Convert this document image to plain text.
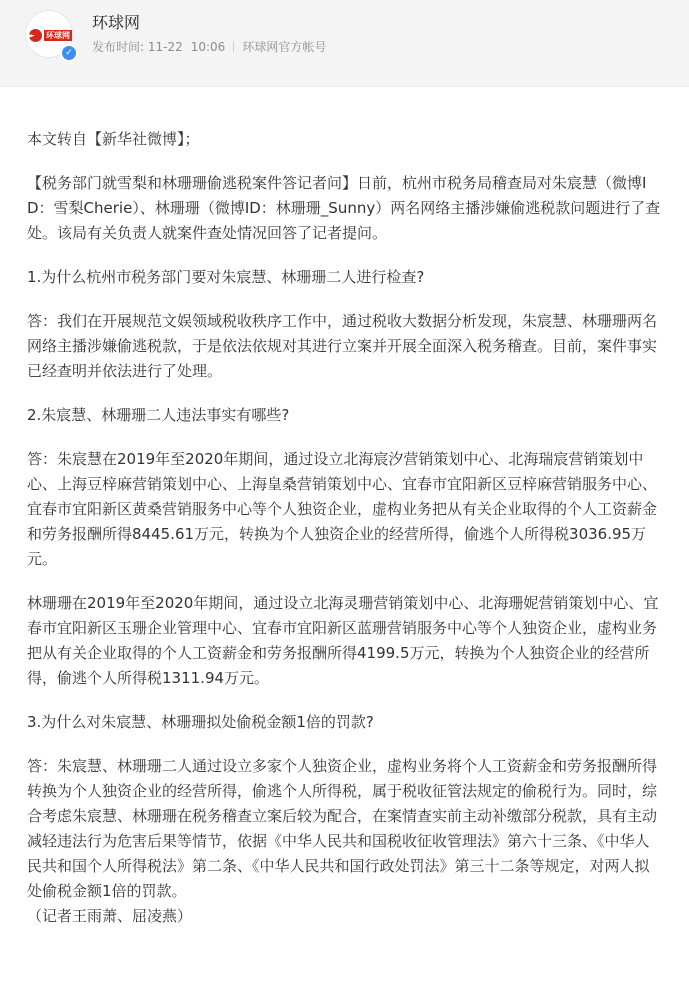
环球网
✓
环球网
发布时间: 11-22 10:06 环球网官方帐号

本文转自【新华社微博】；

【税务部门就雪梨和林珊珊偷逃税案件答记者问】日前，杭州市税务局稽查局对朱宸慧（微博ID：雪梨Cherie）、林珊珊（微博ID：林珊珊_Sunny）两名网络主播涉嫌偷逃税款问题进行了查处。该局有关负责人就案件查处情况回答了记者提问。

1.为什么杭州市税务部门要对朱宸慧、林珊珊二人进行检查?

答：我们在开展规范文娱领域税收秩序工作中，通过税收大数据分析发现，朱宸慧、林珊珊两名网络主播涉嫌偷逃税款，于是依法依规对其进行立案并开展全面深入税务稽查。目前，案件事实已经查明并依法进行了处理。

2.朱宸慧、林珊珊二人违法事实有哪些?

答：朱宸慧在2019年至2020年期间，通过设立北海宸汐营销策划中心、北海瑞宸营销策划中心、上海豆梓麻营销策划中心、上海皇桑营销策划中心、宜春市宜阳新区豆梓麻营销服务中心、宜春市宜阳新区黄桑营销服务中心等个人独资企业，虚构业务把从有关企业取得的个人工资薪金和劳务报酬所得8445.61万元，转换为个人独资企业的经营所得，偷逃个人所得税3036.95万元。

林珊珊在2019年至2020年期间，通过设立北海灵珊营销策划中心、北海珊妮营销策划中心、宜春市宜阳新区玉珊企业管理中心、宜春市宜阳新区蓝珊营销服务中心等个人独资企业，虚构业务把从有关企业取得的个人工资薪金和劳务报酬所得4199.5万元，转换为个人独资企业的经营所得，偷逃个人所得税1311.94万元。

3.为什么对朱宸慧、林珊珊拟处偷税金额1倍的罚款?

答：朱宸慧、林珊珊二人通过设立多家个人独资企业，虚构业务将个人工资薪金和劳务报酬所得转换为个人独资企业的经营所得，偷逃个人所得税，属于税收征管法规定的偷税行为。同时，综合考虑朱宸慧、林珊珊在税务稽查立案后较为配合，在案情查实前主动补缴部分税款，具有主动减轻违法行为危害后果等情节，依据《中华人民共和国税收征收管理法》第六十三条、《中华人民共和国个人所得税法》第二条、《中华人民共和国行政处罚法》第三十二条等规定，对两人拟处偷税金额1倍的罚款。

（记者王雨萧、屈凌燕）
